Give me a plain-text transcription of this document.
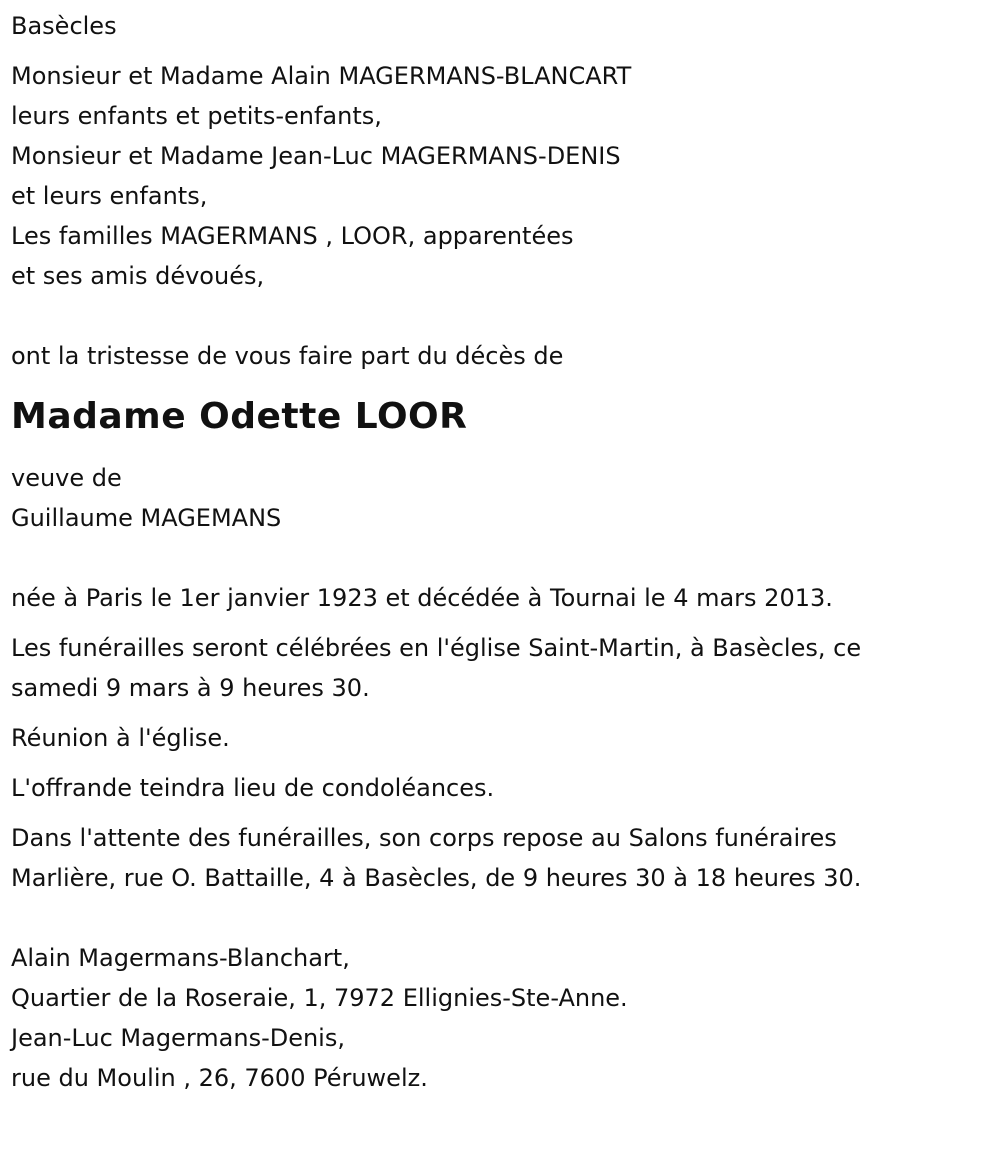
Basècles
Monsieur et Madame Alain MAGERMANS-BLANCART
leurs enfants et petits-enfants,
Monsieur et Madame Jean-Luc MAGERMANS-DENIS
et leurs enfants,
Les familles MAGERMANS , LOOR, apparentées
et ses amis dévoués,
ont la tristesse de vous faire part du décès de
Madame Odette LOOR
veuve de
Guillaume MAGEMANS
née à Paris le 1er janvier 1923 et décédée à Tournai le 4 mars 2013.
Les funérailles seront célébrées en l'église Saint-Martin, à Basècles, ce
samedi 9 mars à 9 heures 30.
Réunion à l'église.
L'offrande teindra lieu de condoléances.
Dans l'attente des funérailles, son corps repose au Salons funéraires
Marlière, rue O. Battaille, 4 à Basècles, de 9 heures 30 à 18 heures 30.
Alain Magermans-Blanchart,
Quartier de la Roseraie, 1, 7972 Ellignies-Ste-Anne.
Jean-Luc Magermans-Denis,
rue du Moulin , 26, 7600 Péruwelz.
